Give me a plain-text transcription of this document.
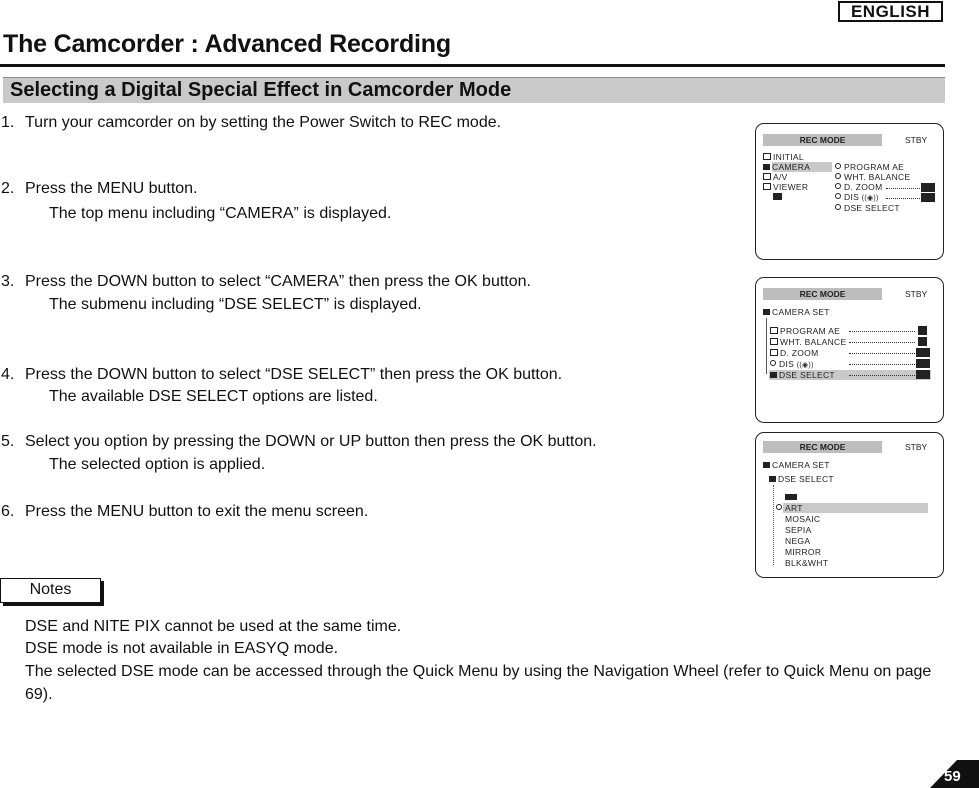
ENGLISH
The Camcorder : Advanced Recording
Selecting a Digital Special Effect in Camcorder Mode
1. Turn your camcorder on by setting the Power Switch to REC mode.
2. Press the MENU button.
The top menu including “CAMERA” is displayed.
3. Press the DOWN button to select “CAMERA” then press the OK button.
The submenu including “DSE SELECT” is displayed.
4. Press the DOWN button to select “DSE SELECT” then press the OK button.
The available DSE SELECT options are listed.
5. Select you option by pressing the DOWN or UP button then press the OK button.
The selected option is applied.
6. Press the MENU button to exit the menu screen.
Notes
DSE and NITE PIX cannot be used at the same time.
DSE mode is not available in EASYQ mode.
The selected DSE mode can be accessed through the Quick Menu by using the Navigation Wheel (refer to Quick Menu on page 69).
59
REC MODE	STBY
INITIAL
CAMERA
A/V
VIEWER
PROGRAM AE
WHT. BALANCE
D. ZOOM
DIS ((◉))
DSE SELECT
REC MODE	STBY
CAMERA SET
PROGRAM AE
WHT. BALANCE
D. ZOOM
DIS ((◉))
DSE SELECT
REC MODE	STBY
CAMERA SET
DSE SELECT
ART
MOSAIC
SEPIA
NEGA
MIRROR
BLK&WHT
